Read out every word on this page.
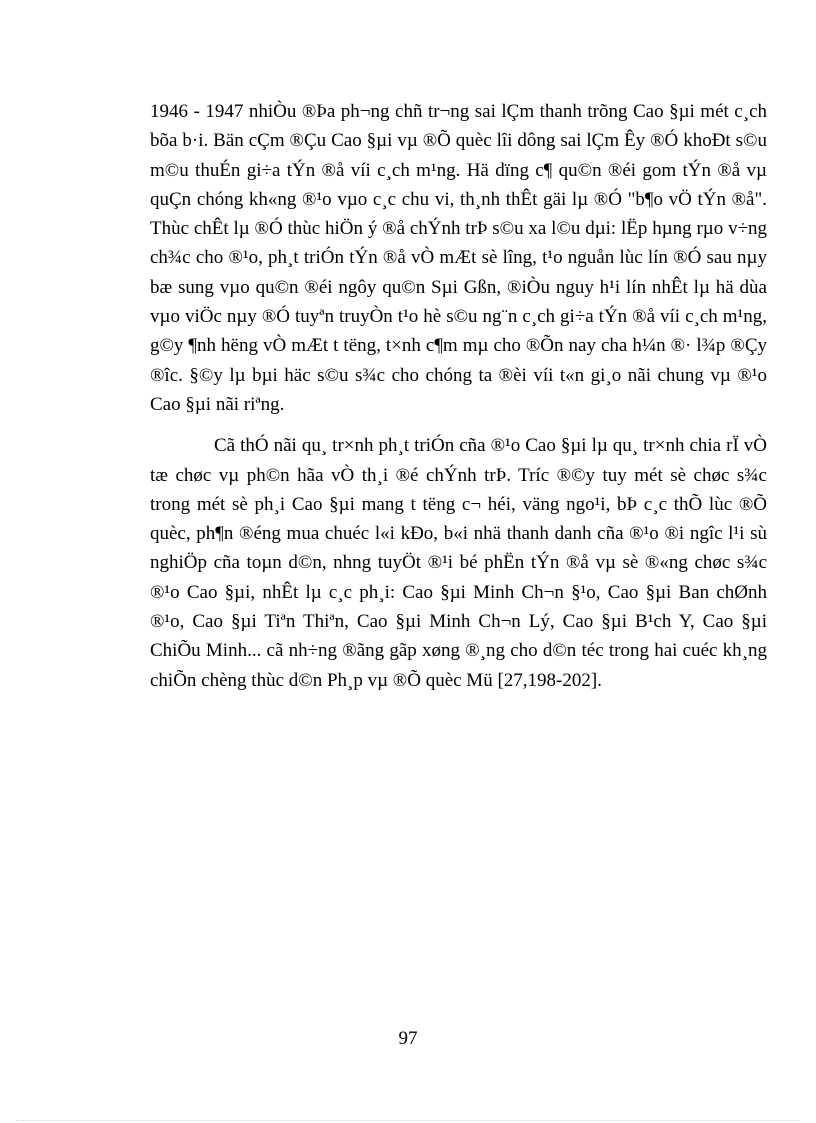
1946 - 1947 nhiÒu ®Þa ph¬ng chñ tr¬ng sai lÇm thanh trõng Cao §µi mét c¸ch bõa b·i. Bän cÇm ®Çu Cao §µi vµ ®Õ quèc lîi dông sai lÇm Êy ®Ó khoÐt s©u m©u thuÉn gi÷a tÝn ®å víi c¸ch m¹ng. Hä dïng c¶ qu©n ®éi gom tÝn ®å vµ quÇn chóng kh«ng ®¹o vµo c¸c chu vi, th¸nh thÊt gäi lµ ®Ó "b¶o vÖ tÝn ®å". Thùc chÊt lµ ®Ó thùc hiÖn ý ®å chÝnh trÞ s©u xa l©u dµi: lËp hµng rµo v÷ng ch¾c cho ®¹o, ph¸t triÓn tÝn ®å vÒ mÆt sè lîng, t¹o nguån lùc lín ®Ó sau nµy bæ sung vµo qu©n ®éi ngôy qu©n Sµi Gßn, ®iÒu nguy h¹i lín nhÊt lµ hä dùa vµo viÖc nµy ®Ó tuyªn truyÒn t¹o hè s©u ng¨n c¸ch gi÷a tÝn ®å víi c¸ch m¹ng, g©y ¶nh hëng vÒ mÆt t tëng, t×nh c¶m mµ cho ®Õn nay cha h¼n ®· l¾p ®Çy ®îc. §©y lµ bµi häc s©u s¾c cho chóng ta ®èi víi t«n gi¸o nãi chung vµ ®¹o Cao §µi nãi riªng.

Cã thÓ nãi qu¸ tr×nh ph¸t triÓn cña ®¹o Cao §µi lµ qu¸ tr×nh chia rÏ vÒ tæ chøc vµ ph©n hãa vÒ th¸i ®é chÝnh trÞ. Tríc ®©y tuy mét sè chøc s¾c trong mét sè ph¸i Cao §µi mang t tëng c¬ héi, väng ngo¹i, bÞ c¸c thÕ lùc ®Õ quèc, ph¶n ®éng mua chuéc l«i kÐo, b«i nhä thanh danh cña ®¹o ®i ngîc l¹i sù nghiÖp cña toµn d©n, nhng tuyÖt ®¹i bé phËn tÝn ®å vµ sè ®«ng chøc s¾c ®¹o Cao §µi, nhÊt lµ c¸c ph¸i: Cao §µi Minh Ch¬n §¹o, Cao §µi Ban chØnh ®¹o, Cao §µi Tiªn Thiªn, Cao §µi Minh Ch¬n Lý, Cao §µi B¹ch Y, Cao §µi ChiÕu Minh... cã nh÷ng ®ãng gãp xøng ®¸ng cho d©n téc trong hai cuéc kh¸ng chiÕn chèng thùc d©n Ph¸p vµ ®Õ quèc Mü [27,198-202].

97
